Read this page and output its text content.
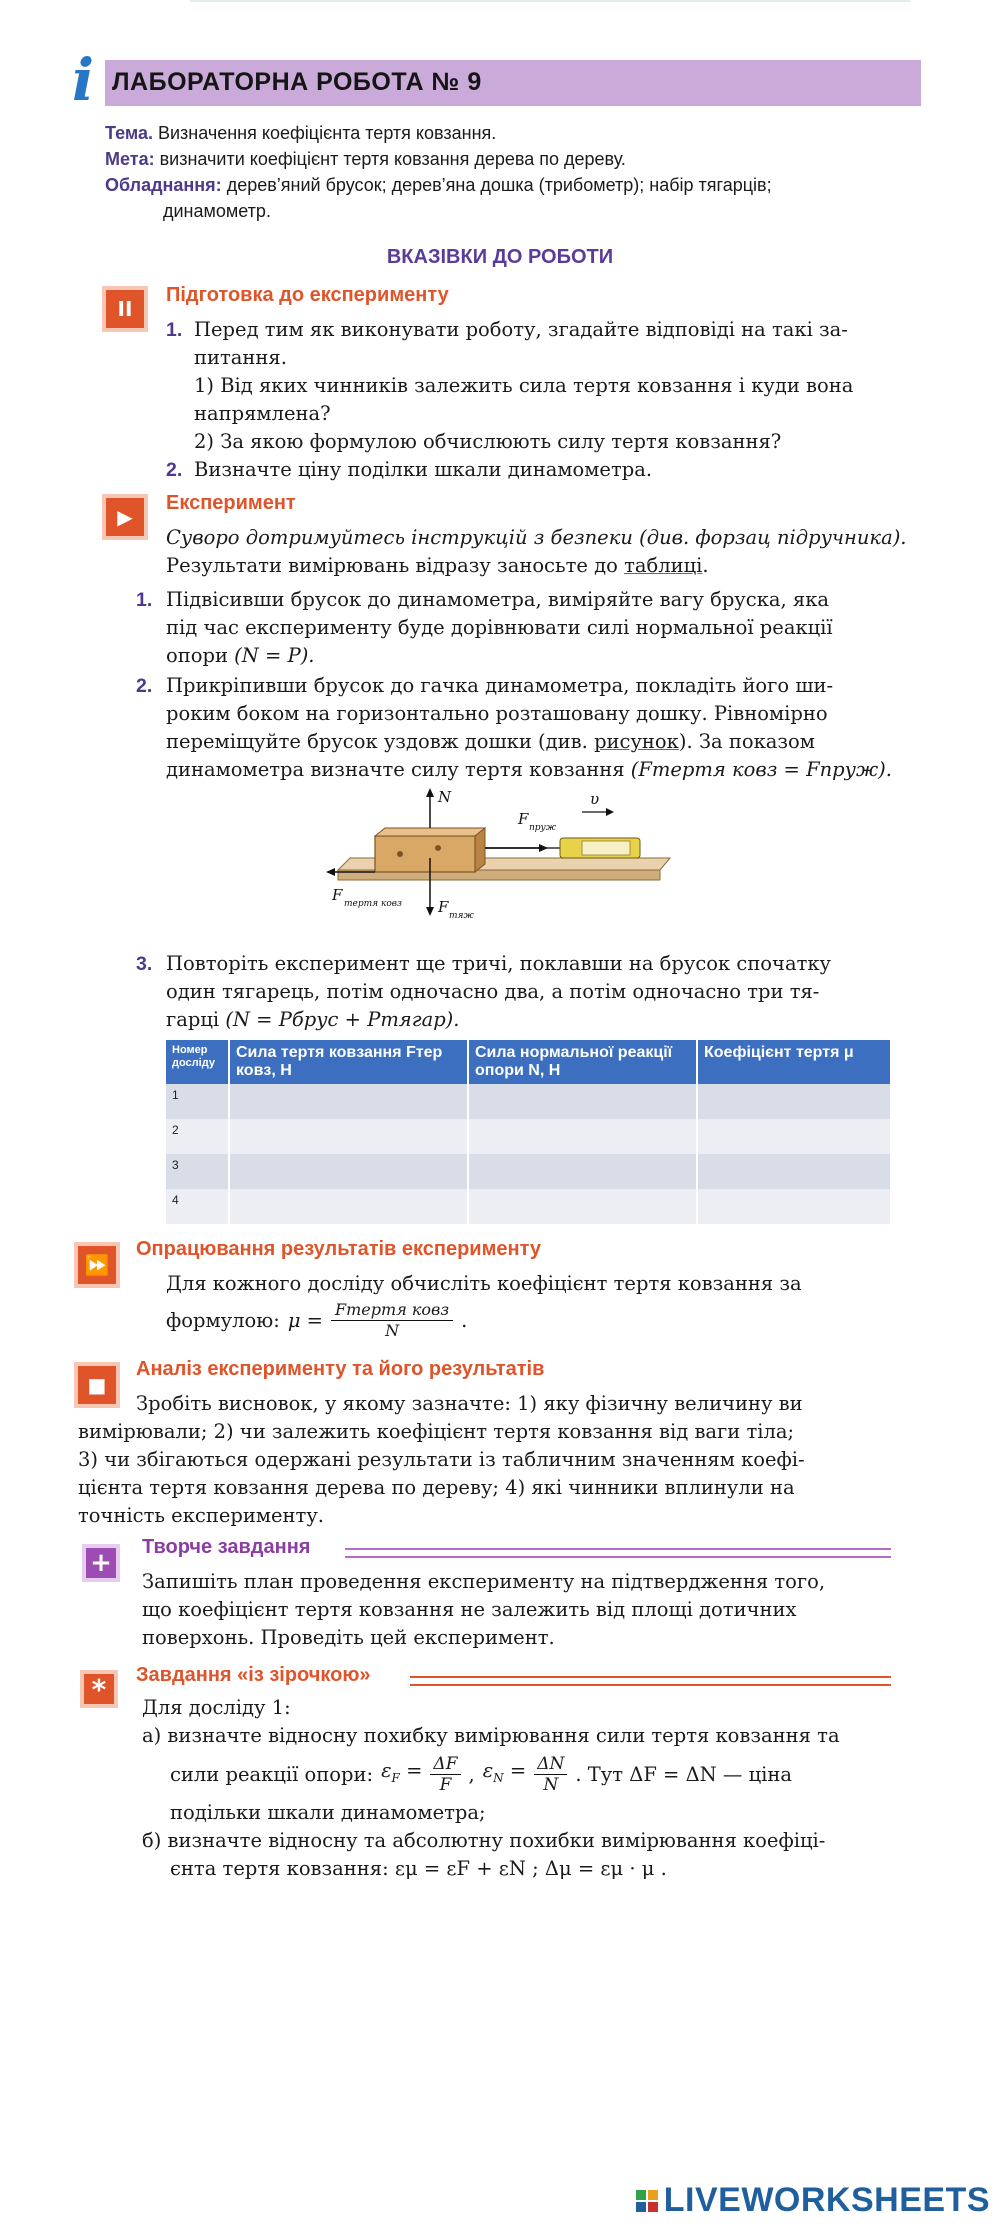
i ЛАБОРАТОРНА РОБОТА № 9
Тема. Визначення коефіцієнта тертя ковзання.
Мета: визначити коефіцієнт тертя ковзання дерева по дереву.
Обладнання: дерев’яний брусок; дерев’яна дошка (трибометр); набір тягарців;
динамометр.
ВКАЗІВКИ ДО РОБОТИ
II
Підготовка до експерименту
1. Перед тим як виконувати роботу, згадайте відповіді на такі за-
питання.
1) Від яких чинників залежить сила тертя ковзання і куди вона
напрямлена?
2) За якою формулою обчислюють силу тертя ковзання?
2. Визначте ціну поділки шкали динамометра.
▶
Експеримент
Суворо дотримуйтесь інструкцій з безпеки (див. форзац підручника).
Результати вимірювань відразу заносьте до таблиці.
1. Підвісивши брусок до динамометра, виміряйте вагу бруска, яка
під час експерименту буде дорівнювати силі нормальної реакції
опори (N = P).
2. Прикріпивши брусок до гачка динамометра, покладіть його ши-
роким боком на горизонтально розташовану дошку. Рівномірно
переміщуйте брусок уздовж дошки (див. рисунок). За показом
динамометра визначте силу тертя ковзання (Fтертя ковз = Fпруж).
N
F пруж
υ
F тертя ковз F тяж
3. Повторіть експеримент ще тричі, поклавши на брусок спочатку
один тягарець, потім одночасно два, а потім одночасно три тя-
гарці (N = Pбрус + Pтягар).
Номер досліду	Сила тертя ковзання Fтер ковз, Н	Сила нормальної реакції опори N, Н	Коефіцієнт тертя μ
1			
2			
3			
4			
⏩
Опрацювання результатів експерименту
Для кожного досліду обчисліть коефіцієнт тертя ковзання за
формулою: μ = Fтертя ковз
N	.
■
Аналіз експерименту та його результатів
Зробіть висновок, у якому зазначте: 1) яку фізичну величину ви
вимірювали; 2) чи залежить коефіцієнт тертя ковзання від ваги тіла;
3) чи збігаються одержані результати із табличним значенням коефі-
цієнта тертя ковзання дерева по дереву; 4) які чинники вплинули на
точність експерименту.
+
Творче завдання
Запишіть план проведення експерименту на підтвердження того,
що коефіцієнт тертя ковзання не залежить від площі дотичних
поверхонь. Проведіть цей експеримент.
*	Завдання «із зірочкою»
Для досліду 1:
а) визначте відносну похибку вимірювання сили тертя ковзання та
сили реакції опори: $\varepsilon_F = \frac{\Delta F}{F}$ , $\varepsilon_N = \frac{\Delta N}{N}$ . Тут ΔF = ΔN — ціна
подільки шкали динамометра;
б) визначте відносну та абсолютну похибки вимірювання коефіці-
єнта тертя ковзання: εμ = εF + εN ; Δμ = εμ · μ .
LIVEWORKSHEETS
